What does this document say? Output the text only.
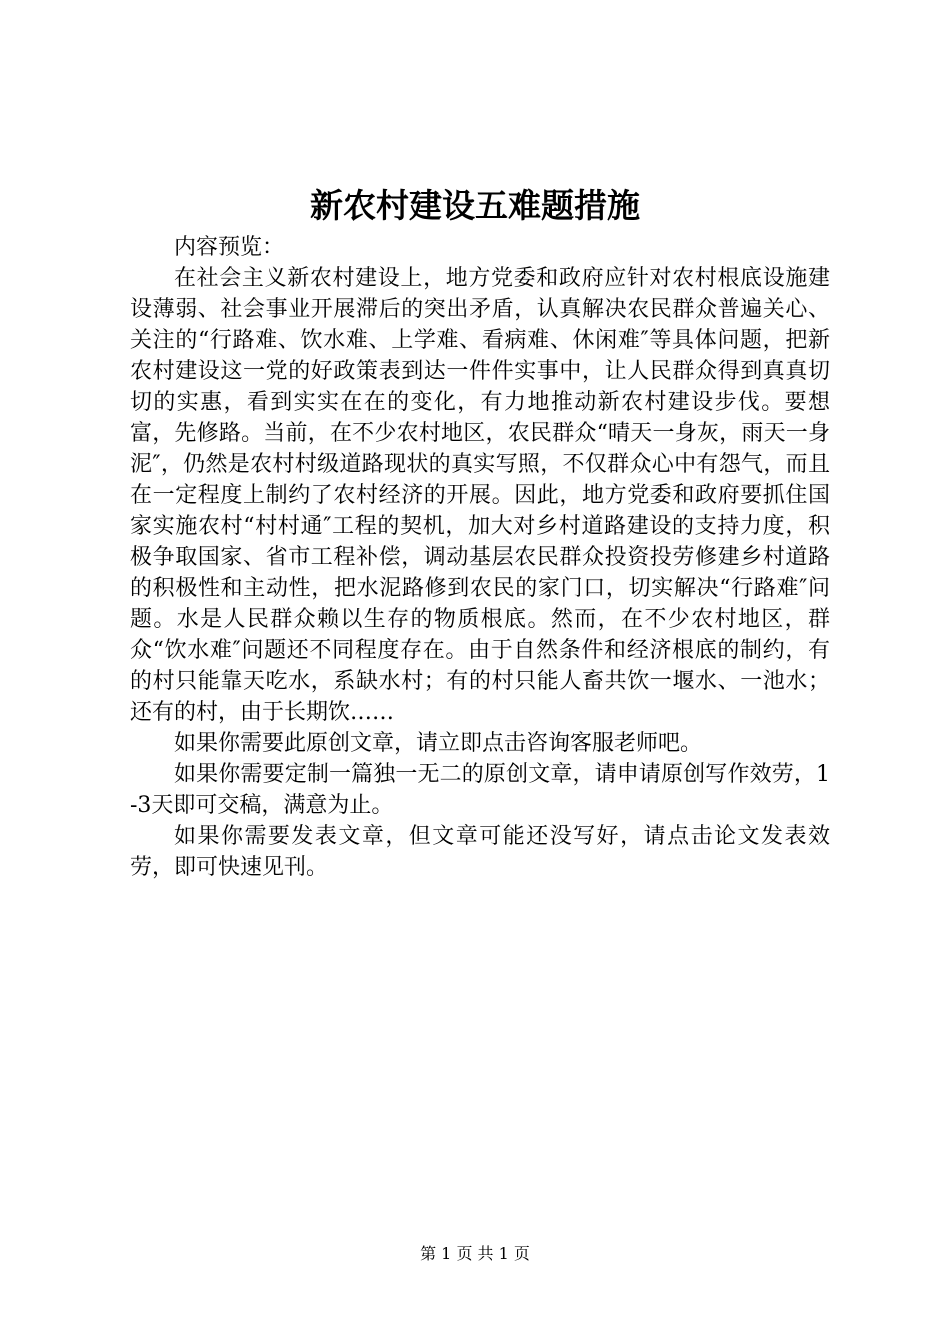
新农村建设五难题措施

内容预览：

在社会主义新农村建设上，地方党委和政府应针对农村根底设施建设薄弱、社会事业开展滞后的突出矛盾，认真解决农民群众普遍关心、关注的“行路难、饮水难、上学难、看病难、休闲难″等具体问题，把新农村建设这一党的好政策表到达一件件实事中，让人民群众得到真真切切的实惠，看到实实在在的变化，有力地推动新农村建设步伐。要想富，先修路。当前，在不少农村地区，农民群众“晴天一身灰，雨天一身泥″，仍然是农村村级道路现状的真实写照，不仅群众心中有怨气，而且在一定程度上制约了农村经济的开展。因此，地方党委和政府要抓住国家实施农村“村村通″工程的契机，加大对乡村道路建设的支持力度，积极争取国家、省市工程补偿，调动基层农民群众投资投劳修建乡村道路的积极性和主动性，把水泥路修到农民的家门口，切实解决“行路难″问题。水是人民群众赖以生存的物质根底。然而，在不少农村地区，群众“饮水难″问题还不同程度存在。由于自然条件和经济根底的制约，有的村只能靠天吃水，系缺水村；有的村只能人畜共饮一堰水、一池水；还有的村，由于长期饮……

如果你需要此原创文章，请立即点击咨询客服老师吧。

如果你需要定制一篇独一无二的原创文章，请申请原创写作效劳，1-3天即可交稿，满意为止。

如果你需要发表文章，但文章可能还没写好，请点击论文发表效劳，即可快速见刊。

第 1 页 共 1 页
